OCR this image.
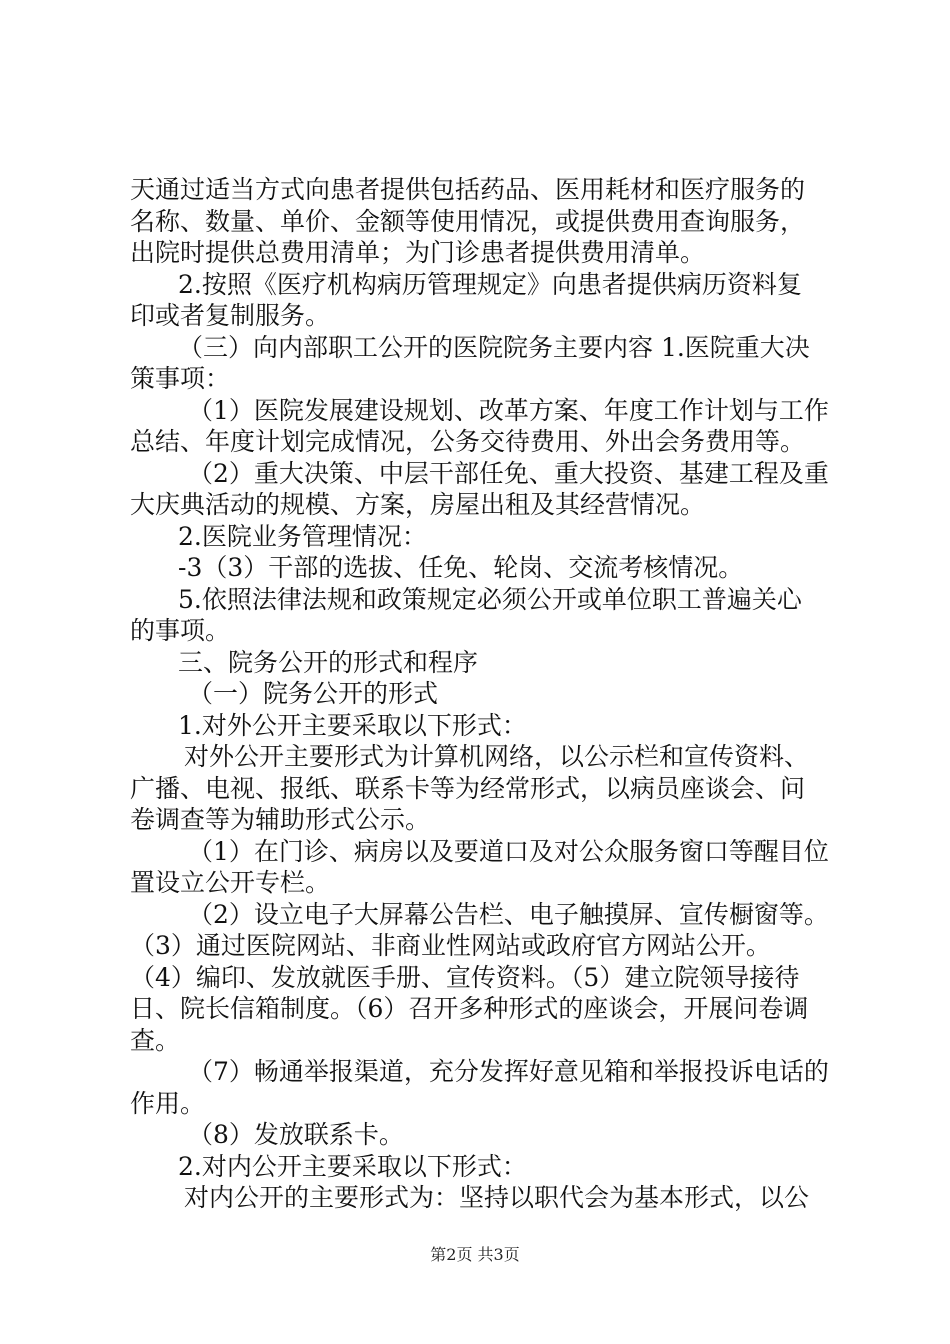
天通过适当方式向患者提供包括药品、医用耗材和医疗服务的
名称、数量、单价、金额等使用情况，或提供费用查询服务，
出院时提供总费用清单；为门诊患者提供费用清单。
2.按照《医疗机构病历管理规定》向患者提供病历资料复
印或者复制服务。
（三）向内部职工公开的医院院务主要内容 1.医院重大决
策事项：
（1）医院发展建设规划、改革方案、年度工作计划与工作
总结、年度计划完成情况，公务交待费用、外出会务费用等。
（2）重大决策、中层干部任免、重大投资、基建工程及重
大庆典活动的规模、方案，房屋出租及其经营情况。
2.医院业务管理情况：
-3（3）干部的选拔、任免、轮岗、交流考核情况。
5.依照法律法规和政策规定必须公开或单位职工普遍关心
的事项。
三、院务公开的形式和程序
（一）院务公开的形式
1.对外公开主要采取以下形式：
对外公开主要形式为计算机网络，以公示栏和宣传资料、
广播、电视、报纸、联系卡等为经常形式，以病员座谈会、问
卷调查等为辅助形式公示。
（1）在门诊、病房以及要道口及对公众服务窗口等醒目位
置设立公开专栏。
（2）设立电子大屏幕公告栏、电子触摸屏、宣传橱窗等。
（3）通过医院网站、非商业性网站或政府官方网站公开。
（4）编印、发放就医手册、宣传资料。（5）建立院领导接待
日、院长信箱制度。（6）召开多种形式的座谈会，开展问卷调
查。
（7）畅通举报渠道，充分发挥好意见箱和举报投诉电话的
作用。
（8）发放联系卡。
2.对内公开主要采取以下形式：
对内公开的主要形式为：坚持以职代会为基本形式，以公
第2页 共3页
